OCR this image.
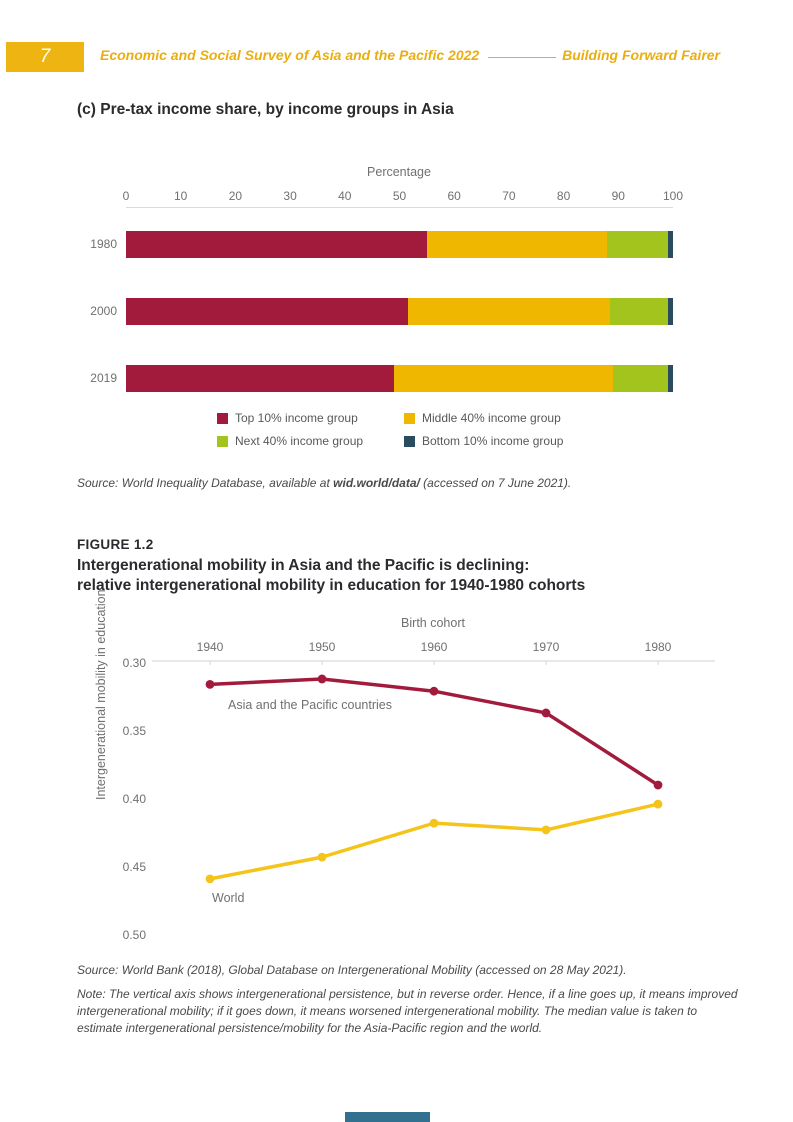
7	Economic and Social Survey of Asia and the Pacific 2022	Building Forward Fairer
(c) Pre-tax income share, by income groups in Asia
Percentage
0	10	20	30	40	50	60	70	80	90	100
1980
2000
2019
Top 10% income group	Middle 40% income group
Next 40% income group	Bottom 10% income group
Source: World Inequality Database, available at wid.world/data/ (accessed on 7 June 2021).
FIGURE 1.2
Intergenerational mobility in Asia and the Pacific is declining:
relative intergenerational mobility in education for 1940-1980 cohorts
Birth cohort
1940	1950	1960	1970	1980
0.30
0.35
0.40
0.45
0.50
Intergenerational mobility in education	Asia and the Pacific countries
World
Source: World Bank (2018), Global Database on Intergenerational Mobility (accessed on 28 May 2021).
Note: The vertical axis shows intergenerational persistence, but in reverse order. Hence, if a line goes up, it means improved intergenerational mobility; if it goes down, it means worsened intergenerational mobility. The median value is taken to estimate intergenerational persistence/mobility for the Asia-Pacific region and the world.
